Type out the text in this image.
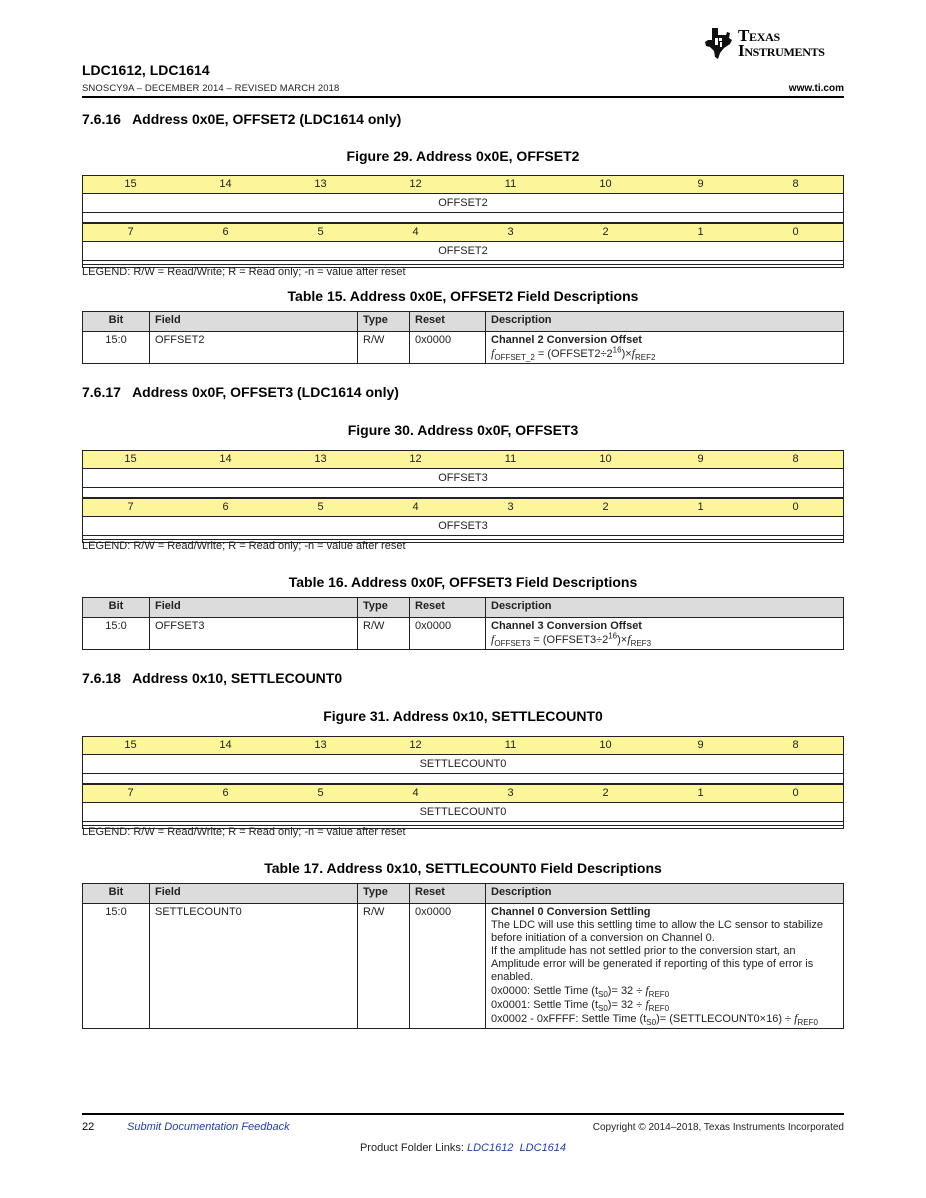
Texas
Instruments
LDC1612, LDC1614
SNOSCY9A – DECEMBER 2014 – REVISED MARCH 2018	www.ti.com
7.6.16   Address 0x0E, OFFSET2 (LDC1614 only)
Figure 29. Address 0x0E, OFFSET2
15	14	13	12	11	10	9	8
OFFSET2
7	6	5	4	3	2	1	0
OFFSET2
LEGEND: R/W = Read/Write; R = Read only; -n = value after reset
Table 15. Address 0x0E, OFFSET2 Field Descriptions
Bit	Field	Type	Reset	Description
15:0	OFFSET2	R/W	0x0000	Channel 2 Conversion Offset
$f_{OFFSET\_2}$ = $(OFFSET2\div 2^{16})\times f_{REF2}$
7.6.17   Address 0x0F, OFFSET3 (LDC1614 only)
Figure 30. Address 0x0F, OFFSET3
15	14	13	12	11	10	9	8
OFFSET3
7	6	5	4	3	2	1	0
OFFSET3
LEGEND: R/W = Read/Write; R = Read only; -n = value after reset
Table 16. Address 0x0F, OFFSET3 Field Descriptions
Bit	Field	Type	Reset	Description
15:0	OFFSET3	R/W	0x0000	Channel 3 Conversion Offset
$f_{OFFSET3}$ = $(OFFSET3\div 2^{16})\times f_{REF3}$
7.6.18   Address 0x10, SETTLECOUNT0
Figure 31. Address 0x10, SETTLECOUNT0
15	14	13	12	11	10	9	8
SETTLECOUNT0
7	6	5	4	3	2	1	0
SETTLECOUNT0
LEGEND: R/W = Read/Write; R = Read only; -n = value after reset
Table 17. Address 0x10, SETTLECOUNT0 Field Descriptions
Bit	Field	Type	Reset	Description
15:0	SETTLECOUNT0	R/W	0x0000	Channel 0 Conversion Settling
The LDC will use this settling time to allow the LC sensor to stabilize before initiation of a conversion on Channel 0.
If the amplitude has not settled prior to the conversion start, an Amplitude error will be generated if reporting of this type of error is enabled.
0x0000: Settle Time $(t_{S0})= 32 \div f_{REF0}$
0x0001: Settle Time $(t_{S0})= 32 \div f_{REF0}$
0x0002 - 0xFFFF: Settle Time $(t_{S0})=$ (SETTLECOUNT0×16) ÷ $f_{REF0}$
22	Submit Documentation Feedback	Copyright © 2014–2018, Texas Instruments Incorporated
Product Folder Links: LDC1612 LDC1614
